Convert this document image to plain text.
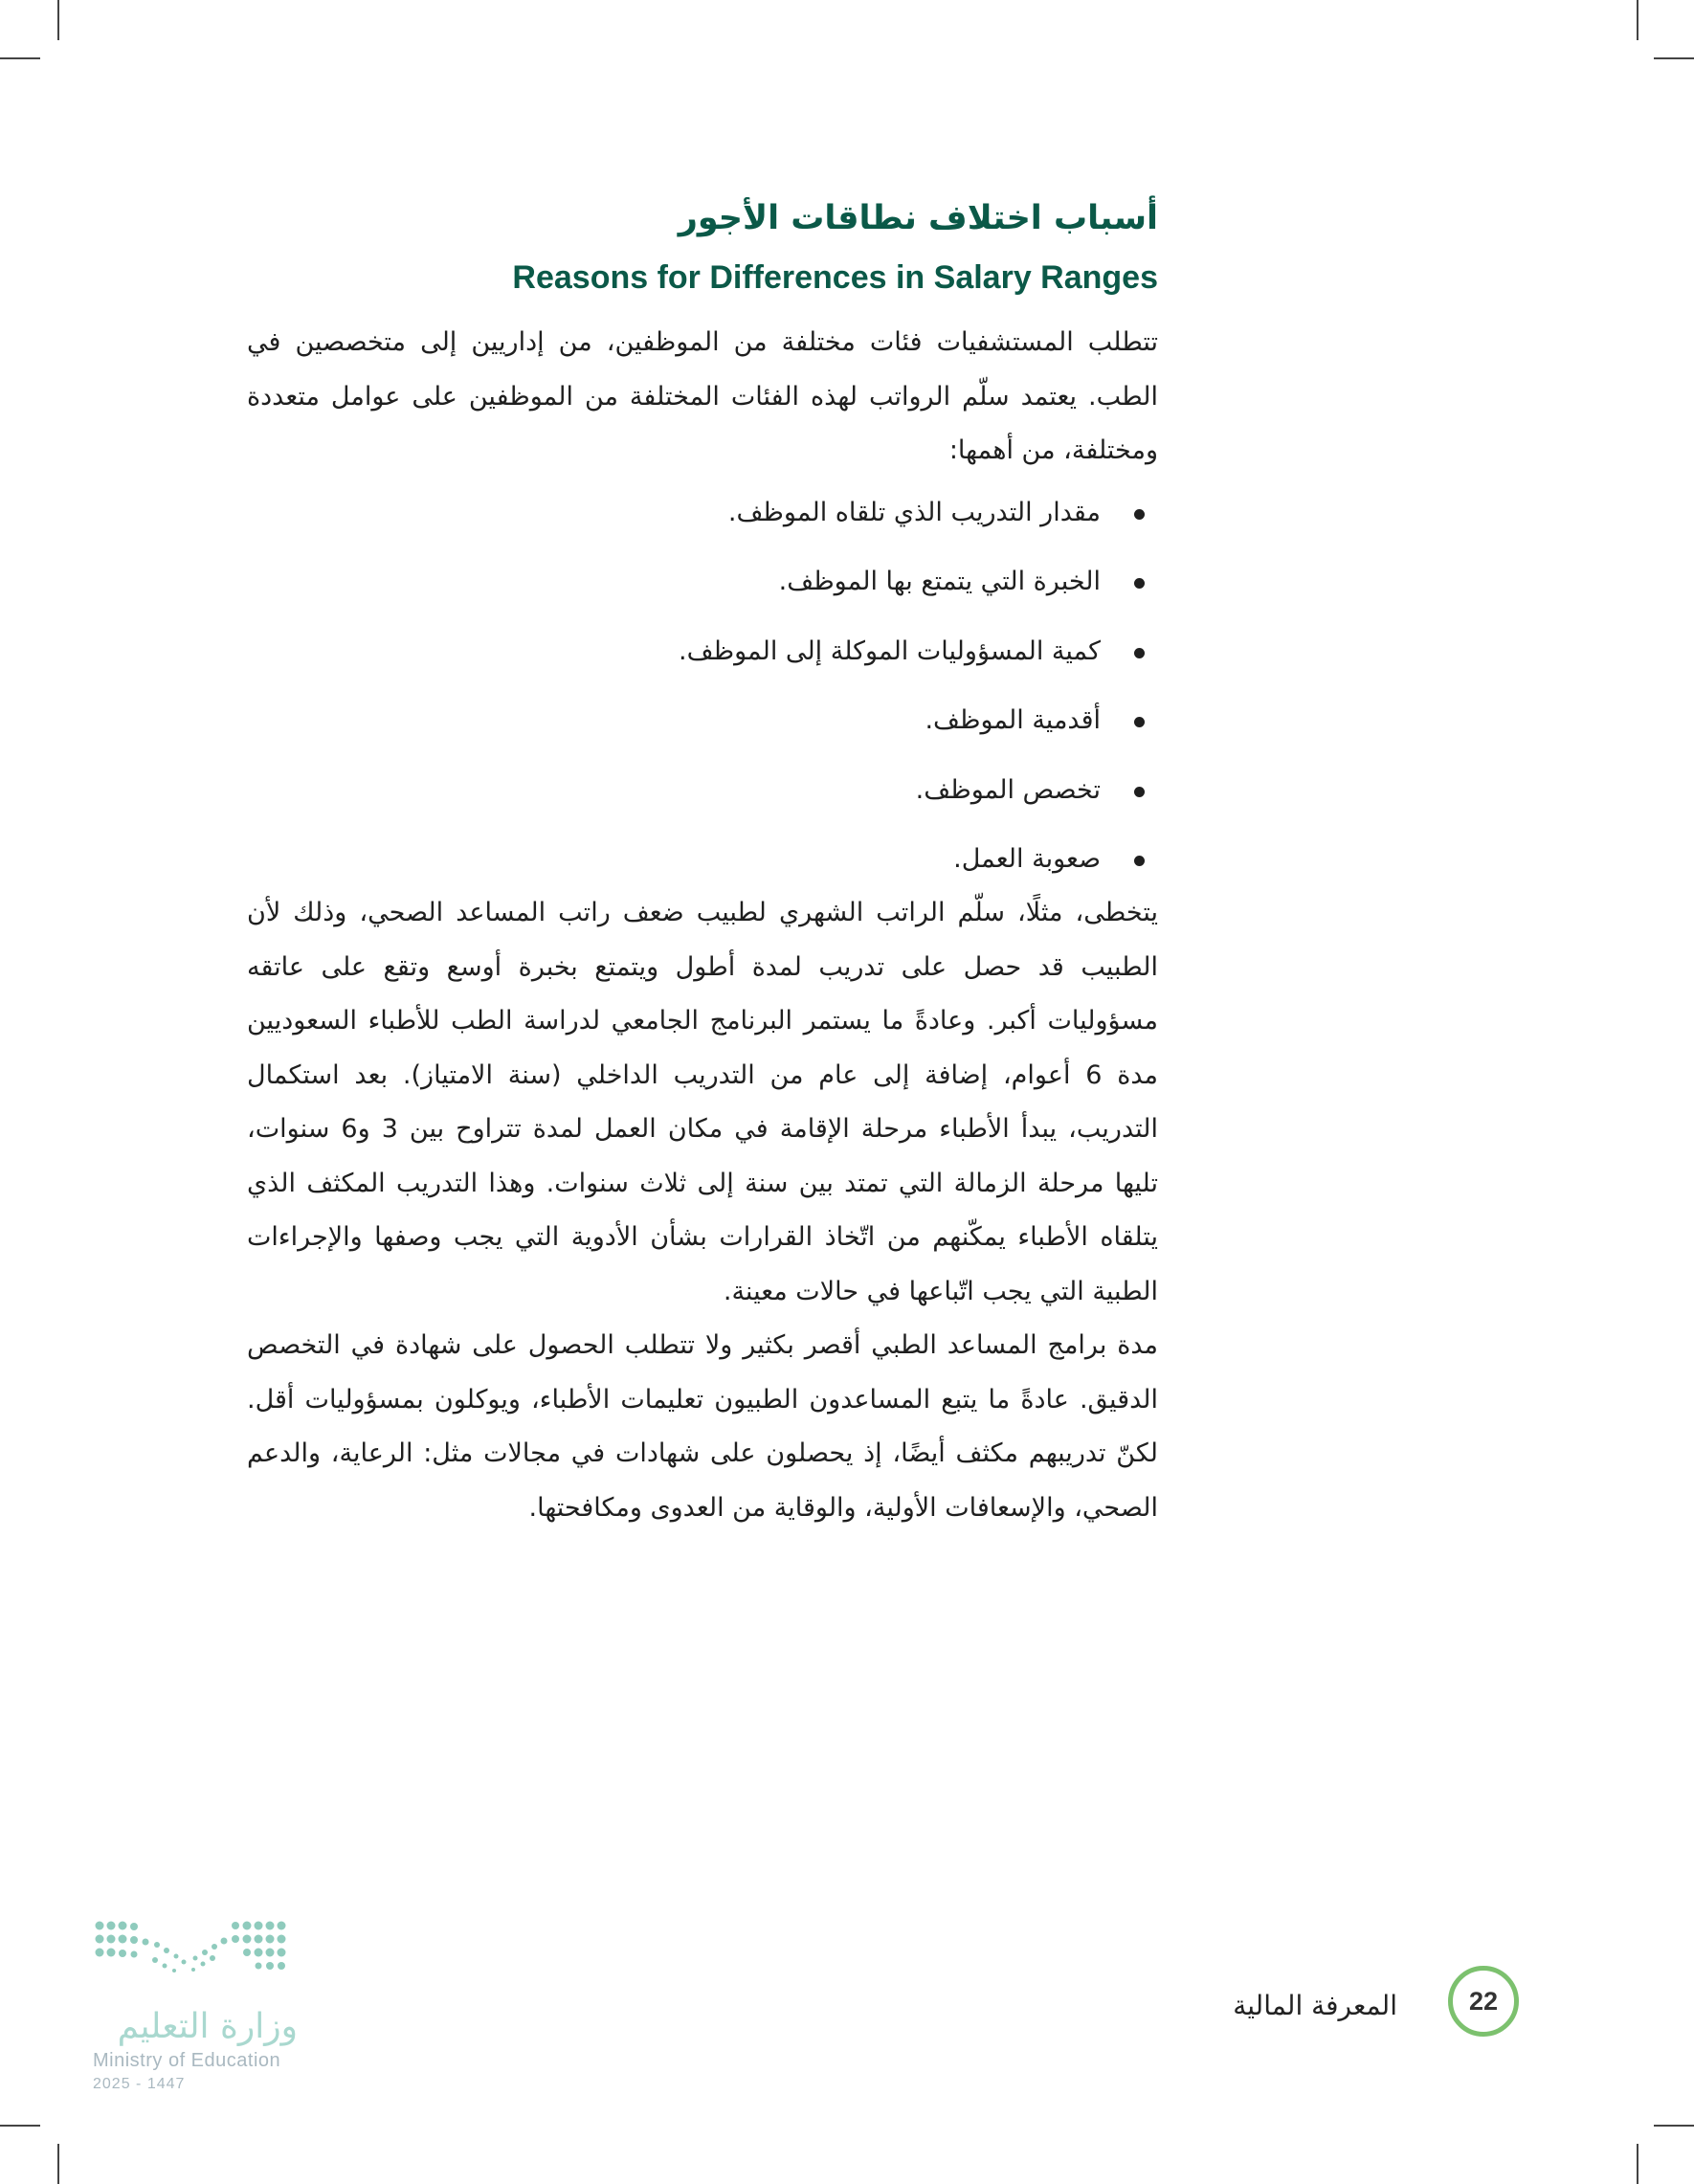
أسباب اختلاف نطاقات الأجور
Reasons for Differences in Salary Ranges

تتطلب المستشفيات فئات مختلفة من الموظفين، من إداريين إلى متخصصين في الطب. يعتمد سلّم الرواتب لهذه الفئات المختلفة من الموظفين على عوامل متعددة ومختلفة، من أهمها:

مقدار التدريب الذي تلقاه الموظف.
الخبرة التي يتمتع بها الموظف.
كمية المسؤوليات الموكلة إلى الموظف.
أقدمية الموظف.
تخصص الموظف.
صعوبة العمل.

يتخطى، مثلًا، سلّم الراتب الشهري لطبيب ضعف راتب المساعد الصحي، وذلك لأن الطبيب قد حصل على تدريب لمدة أطول ويتمتع بخبرة أوسع وتقع على عاتقه مسؤوليات أكبر. وعادةً ما يستمر البرنامج الجامعي لدراسة الطب للأطباء السعوديين مدة 6 أعوام، إضافة إلى عام من التدريب الداخلي (سنة الامتياز). بعد استكمال التدريب، يبدأ الأطباء مرحلة الإقامة في مكان العمل لمدة تتراوح بين 3 و6 سنوات، تليها مرحلة الزمالة التي تمتد بين سنة إلى ثلاث سنوات. وهذا التدريب المكثف الذي يتلقاه الأطباء يمكّنهم من اتّخاذ القرارات بشأن الأدوية التي يجب وصفها والإجراءات الطبية التي يجب اتّباعها في حالات معينة.

مدة برامج المساعد الطبي أقصر بكثير ولا تتطلب الحصول على شهادة في التخصص الدقيق. عادةً ما يتبع المساعدون الطبيون تعليمات الأطباء، ويوكلون بمسؤوليات أقل. لكنّ تدريبهم مكثف أيضًا، إذ يحصلون على شهادات في مجالات مثل: الرعاية، والدعم الصحي، والإسعافات الأولية، والوقاية من العدوى ومكافحتها.

المعرفة المالية	22
وزارة التعليم
Ministry of Education
2025 - 1447
